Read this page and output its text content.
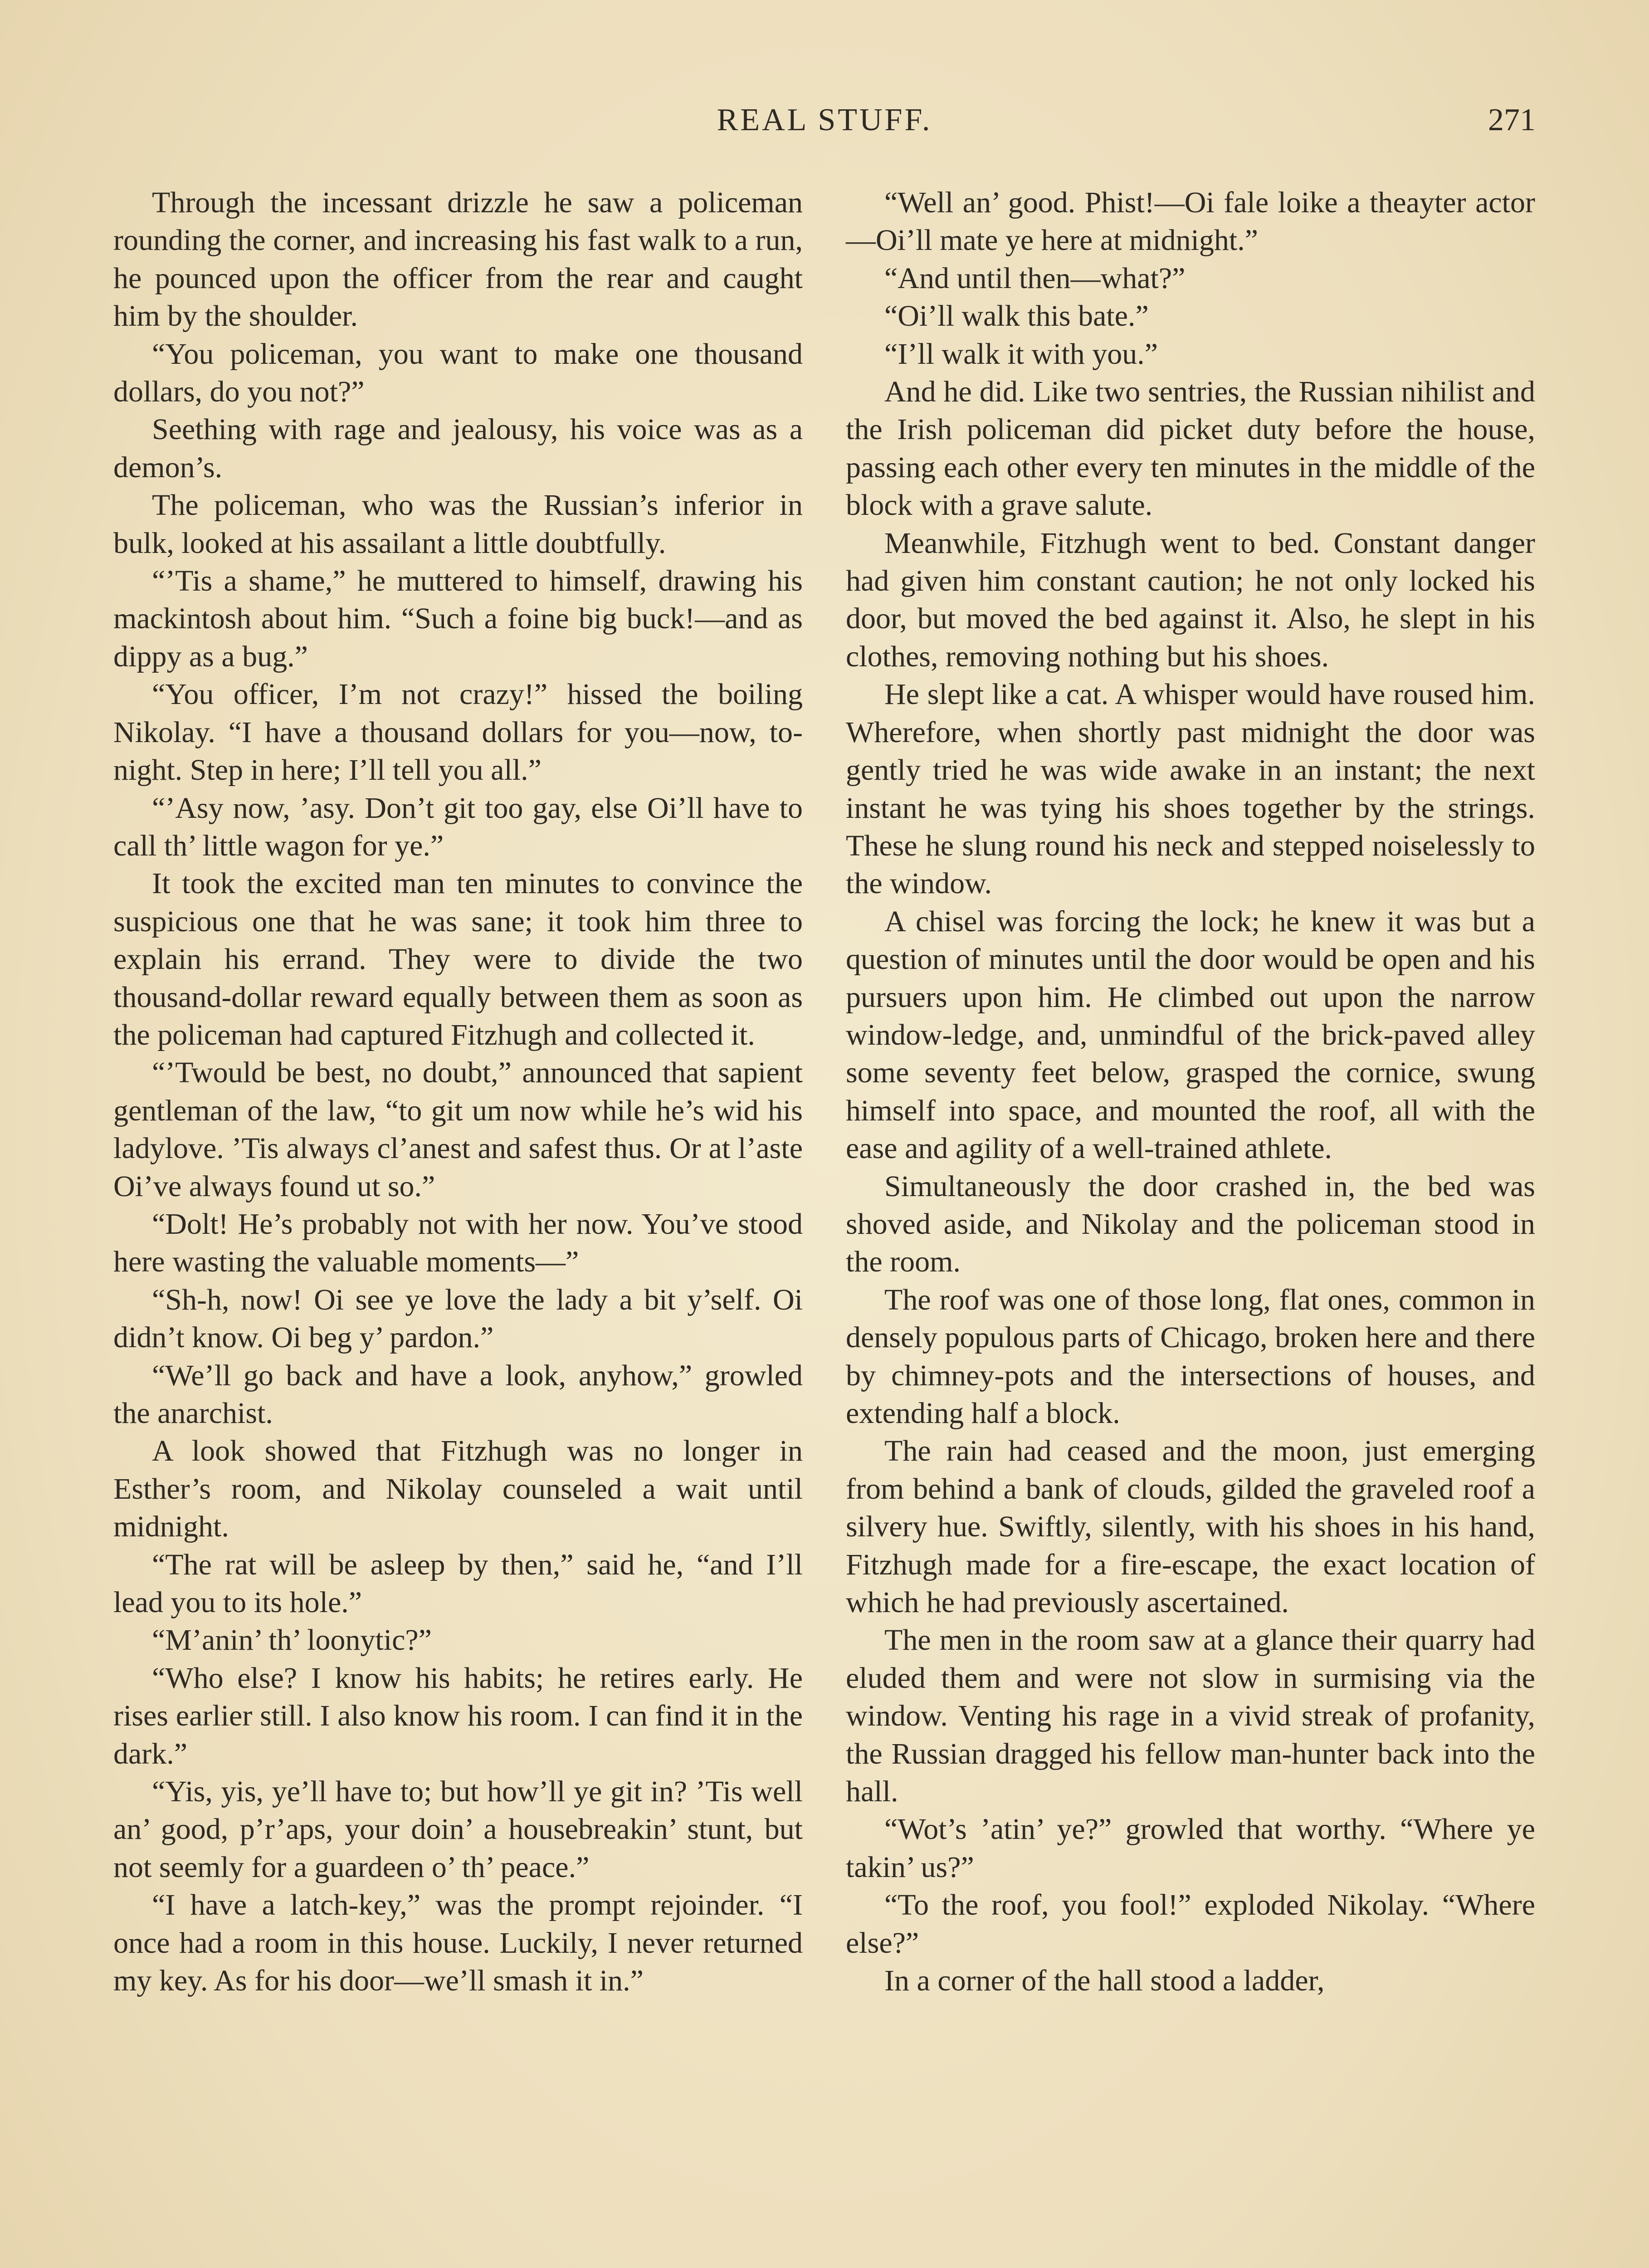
REAL STUFF.	271

Through the incessant drizzle he saw a policeman rounding the corner, and increasing his fast walk to a run, he pounced upon the officer from the rear and caught him by the shoulder.

“You policeman, you want to make one thousand dollars, do you not?”

Seething with rage and jealousy, his voice was as a demon’s.

The policeman, who was the Russian’s inferior in bulk, looked at his assailant a little doubtfully.

“’Tis a shame,” he muttered to himself, drawing his mackintosh about him. “Such a foine big buck!—and as dippy as a bug.”

“You officer, I’m not crazy!” hissed the boiling Nikolay. “I have a thousand dollars for you—now, to-night. Step in here; I’ll tell you all.”

“’Asy now, ’asy. Don’t git too gay, else Oi’ll have to call th’ little wagon for ye.”

It took the excited man ten minutes to convince the suspicious one that he was sane; it took him three to explain his errand. They were to divide the two thousand-dollar reward equally between them as soon as the policeman had captured Fitzhugh and collected it.

“’Twould be best, no doubt,” announced that sapient gentleman of the law, “to git um now while he’s wid his ladylove. ’Tis always cl’anest and safest thus. Or at l’aste Oi’ve always found ut so.”

“Dolt! He’s probably not with her now. You’ve stood here wasting the valuable moments—”

“Sh-h, now! Oi see ye love the lady a bit y’self. Oi didn’t know. Oi beg y’ pardon.”

“We’ll go back and have a look, anyhow,” growled the anarchist.

A look showed that Fitzhugh was no longer in Esther’s room, and Nikolay counseled a wait until midnight.

“The rat will be asleep by then,” said he, “and I’ll lead you to its hole.”

“M’anin’ th’ loonytic?”

“Who else? I know his habits; he retires early. He rises earlier still. I also know his room. I can find it in the dark.”

“Yis, yis, ye’ll have to; but how’ll ye git in? ’Tis well an’ good, p’r’aps, your doin’ a housebreakin’ stunt, but not seemly for a guardeen o’ th’ peace.”

“I have a latch-key,” was the prompt rejoinder. “I once had a room in this house. Luckily, I never returned my key. As for his door—we’ll smash it in.”

“Well an’ good. Phist!—Oi fale loike a theayter actor—Oi’ll mate ye here at midnight.”

“And until then—what?”

“Oi’ll walk this bate.”

“I’ll walk it with you.”

And he did. Like two sentries, the Russian nihilist and the Irish policeman did picket duty before the house, passing each other every ten minutes in the middle of the block with a grave salute.

Meanwhile, Fitzhugh went to bed. Constant danger had given him constant caution; he not only locked his door, but moved the bed against it. Also, he slept in his clothes, removing nothing but his shoes.

He slept like a cat. A whisper would have roused him. Wherefore, when shortly past midnight the door was gently tried he was wide awake in an instant; the next instant he was tying his shoes together by the strings. These he slung round his neck and stepped noiselessly to the window.

A chisel was forcing the lock; he knew it was but a question of minutes until the door would be open and his pursuers upon him. He climbed out upon the narrow window-ledge, and, unmindful of the brick-paved alley some seventy feet below, grasped the cornice, swung himself into space, and mounted the roof, all with the ease and agility of a well-trained athlete.

Simultaneously the door crashed in, the bed was shoved aside, and Nikolay and the policeman stood in the room.

The roof was one of those long, flat ones, common in densely populous parts of Chicago, broken here and there by chimney-pots and the intersections of houses, and extending half a block.

The rain had ceased and the moon, just emerging from behind a bank of clouds, gilded the graveled roof a silvery hue. Swiftly, silently, with his shoes in his hand, Fitzhugh made for a fire-escape, the exact location of which he had previously ascertained.

The men in the room saw at a glance their quarry had eluded them and were not slow in surmising via the window. Venting his rage in a vivid streak of profanity, the Russian dragged his fellow man-hunter back into the hall.

“Wot’s ’atin’ ye?” growled that worthy. “Where ye takin’ us?”

“To the roof, you fool!” exploded Nikolay. “Where else?”

In a corner of the hall stood a ladder,
